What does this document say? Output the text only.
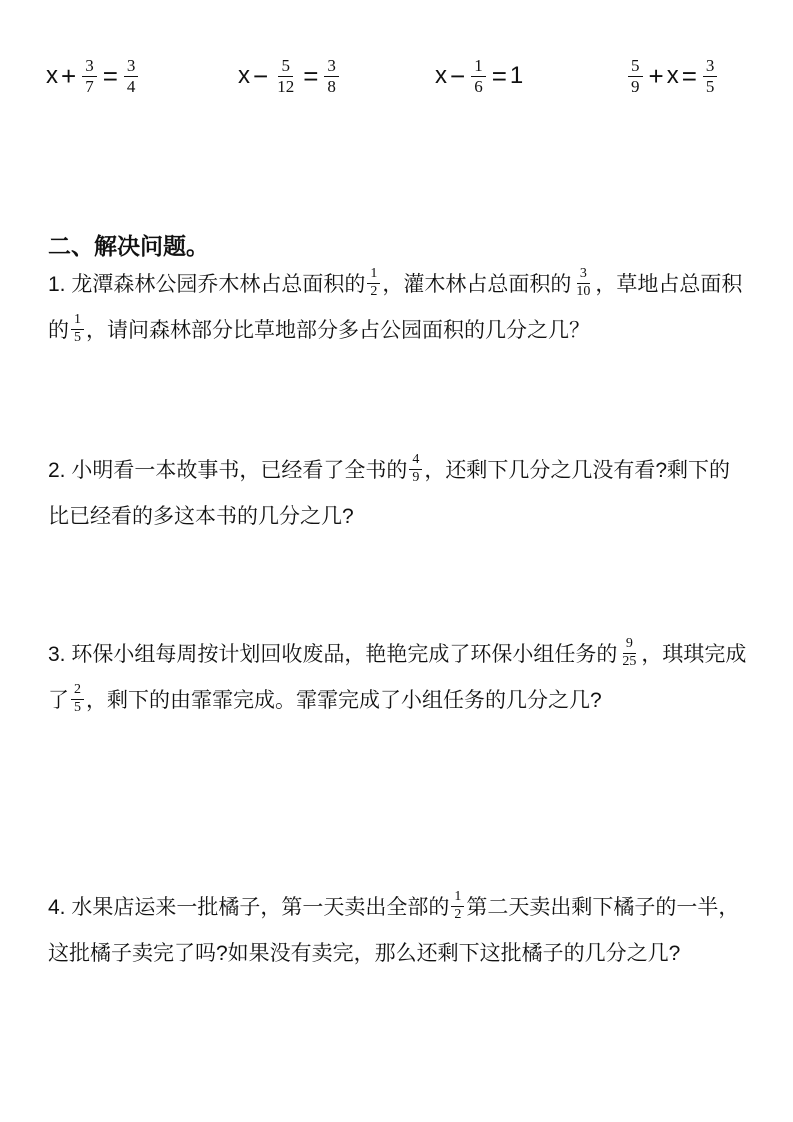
$x + \frac{3}{7} = \frac{3}{4}$	$x - \frac{5}{12} = \frac{3}{8}$	$x - \frac{1}{6} = 1$	$\frac{5}{9} + x = \frac{3}{5}$
二、解决问题。
1. 龙潭森林公园乔木林占总面积的 $\frac{1}{2}$ ，灌木林占总面积的 $\frac{3}{10}$ ，草地占总面积
的 $\frac{1}{5}$ ，请问森林部分比草地部分多占公园面积的几分之几？
2. 小明看一本故事书，已经看了全书的 $\frac{4}{9}$ ，还剩下几分之几没有看?剩下的
比已经看的多这本书的几分之几?
3. 环保小组每周按计划回收废品，艳艳完成了环保小组任务的 $\frac{9}{25}$ ，琪琪完成
了 $\frac{2}{5}$ ，剩下的由霏霏完成。霏霏完成了小组任务的几分之几?
4. 水果店运来一批橘子，第一天卖出全部的 $\frac{1}{2}$ 第二天卖出剩下橘子的一半，
这批橘子卖完了吗?如果没有卖完，那么还剩下这批橘子的几分之几?
